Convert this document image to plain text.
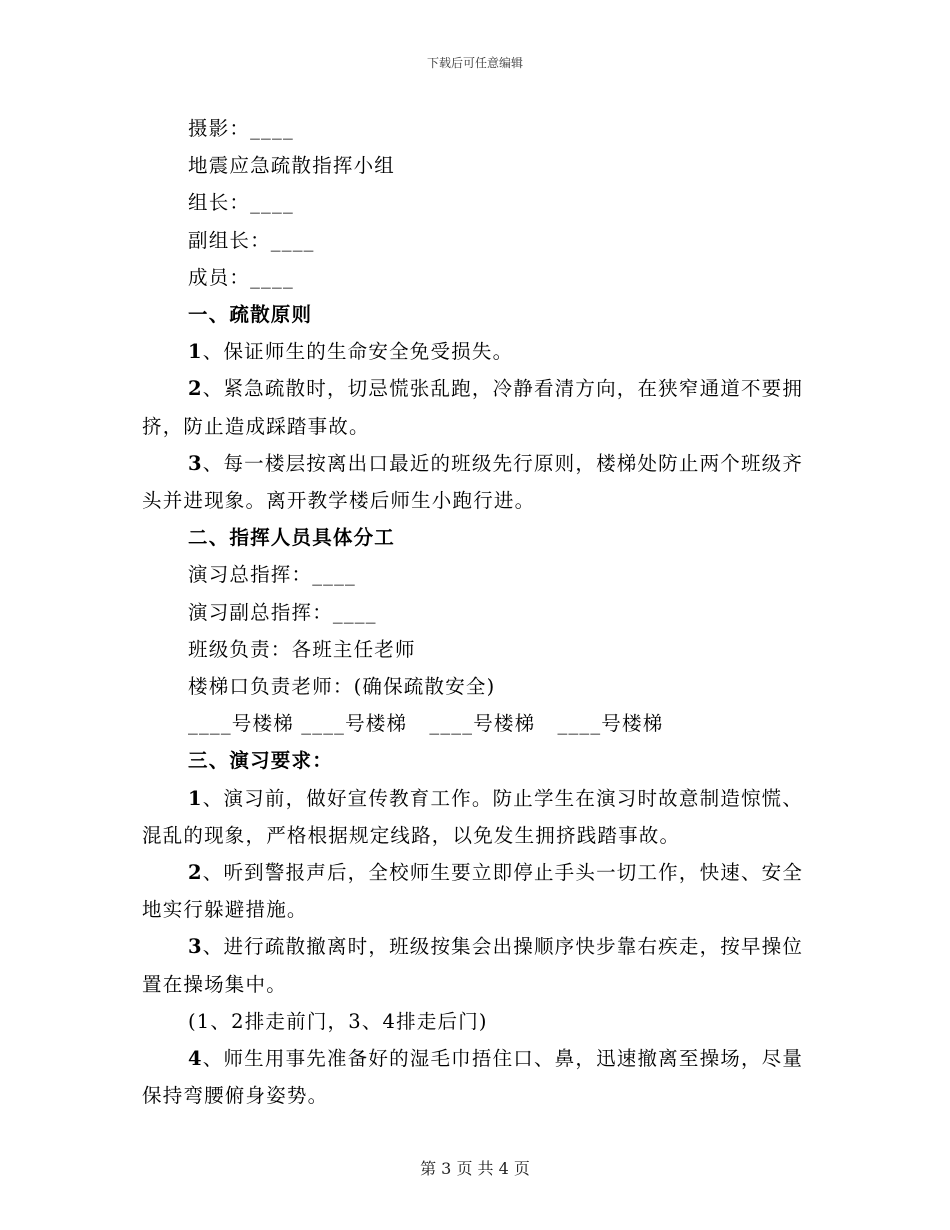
下载后可任意编辑

摄影：____

地震应急疏散指挥小组

组长：____

副组长：____

成员：____

一、疏散原则

1、保证师生的生命安全免受损失。

2、紧急疏散时，切忌慌张乱跑，冷静看清方向，在狭窄通道不要拥挤，防止造成踩踏事故。

3、每一楼层按离出口最近的班级先行原则，楼梯处防止两个班级齐头并进现象。离开教学楼后师生小跑行进。

二、指挥人员具体分工

演习总指挥：____

演习副总指挥：____

班级负责：各班主任老师

楼梯口负责老师：(确保疏散安全)

____号楼梯 ____号楼梯   ____号楼梯   ____号楼梯

三、演习要求：

1、演习前，做好宣传教育工作。防止学生在演习时故意制造惊慌、混乱的现象，严格根据规定线路，以免发生拥挤践踏事故。

2、听到警报声后，全校师生要立即停止手头一切工作，快速、安全地实行躲避措施。

3、进行疏散撤离时，班级按集会出操顺序快步靠右疾走，按早操位置在操场集中。

(1、2排走前门，3、4排走后门)

4、师生用事先准备好的湿毛巾捂住口、鼻，迅速撤离至操场，尽量保持弯腰俯身姿势。

第 3 页 共 4 页
